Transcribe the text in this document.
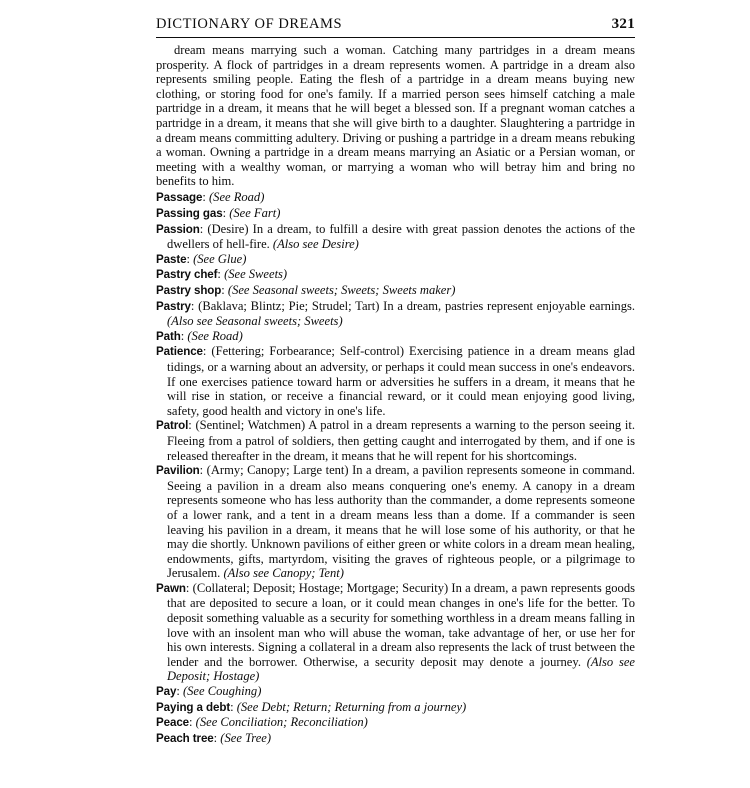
DICTIONARY OF DREAMS	321

dream means marrying such a woman. Catching many partridges in a dream means prosperity. A flock of partridges in a dream represents women. A partridge in a dream also represents smiling people. Eating the flesh of a partridge in a dream means buying new clothing, or storing food for one's family. If a married person sees himself catching a male partridge in a dream, it means that he will beget a blessed son. If a pregnant woman catches a partridge in a dream, it means that she will give birth to a daughter. Slaughtering a partridge in a dream means committing adultery. Driving or pushing a partridge in a dream means rebuking a woman. Owning a partridge in a dream means marrying an Asiatic or a Persian woman, or meeting with a wealthy woman, or marrying a woman who will betray him and bring no benefits to him.

Passage: (See Road)

Passing gas: (See Fart)

Passion: (Desire) In a dream, to fulfill a desire with great passion denotes the actions of the dwellers of hell-fire. (Also see Desire)

Paste: (See Glue)

Pastry chef: (See Sweets)

Pastry shop: (See Seasonal sweets; Sweets; Sweets maker)

Pastry: (Baklava; Blintz; Pie; Strudel; Tart) In a dream, pastries represent enjoyable earnings. (Also see Seasonal sweets; Sweets)

Path: (See Road)

Patience: (Fettering; Forbearance; Self-control) Exercising patience in a dream means glad tidings, or a warning about an adversity, or perhaps it could mean success in one's endeavors. If one exercises patience toward harm or adversities he suffers in a dream, it means that he will rise in station, or receive a financial reward, or it could mean enjoying good living, safety, good health and victory in one's life.

Patrol: (Sentinel; Watchmen) A patrol in a dream represents a warning to the person seeing it. Fleeing from a patrol of soldiers, then getting caught and interrogated by them, and if one is released thereafter in the dream, it means that he will repent for his shortcomings.

Pavilion: (Army; Canopy; Large tent) In a dream, a pavilion represents someone in command. Seeing a pavilion in a dream also means conquering one's enemy. A canopy in a dream represents someone who has less authority than the commander, a dome represents someone of a lower rank, and a tent in a dream means less than a dome. If a commander is seen leaving his pavilion in a dream, it means that he will lose some of his authority, or that he may die shortly. Unknown pavilions of either green or white colors in a dream mean healing, endowments, gifts, martyrdom, visiting the graves of righteous people, or a pilgrimage to Jerusalem. (Also see Canopy; Tent)

Pawn: (Collateral; Deposit; Hostage; Mortgage; Security) In a dream, a pawn represents goods that are deposited to secure a loan, or it could mean changes in one's life for the better. To deposit something valuable as a security for something worthless in a dream means falling in love with an insolent man who will abuse the woman, take advantage of her, or use her for his own interests. Signing a collateral in a dream also represents the lack of trust between the lender and the borrower. Otherwise, a security deposit may denote a journey. (Also see Deposit; Hostage)

Pay: (See Coughing)

Paying a debt: (See Debt; Return; Returning from a journey)

Peace: (See Conciliation; Reconciliation)

Peach tree: (See Tree)
